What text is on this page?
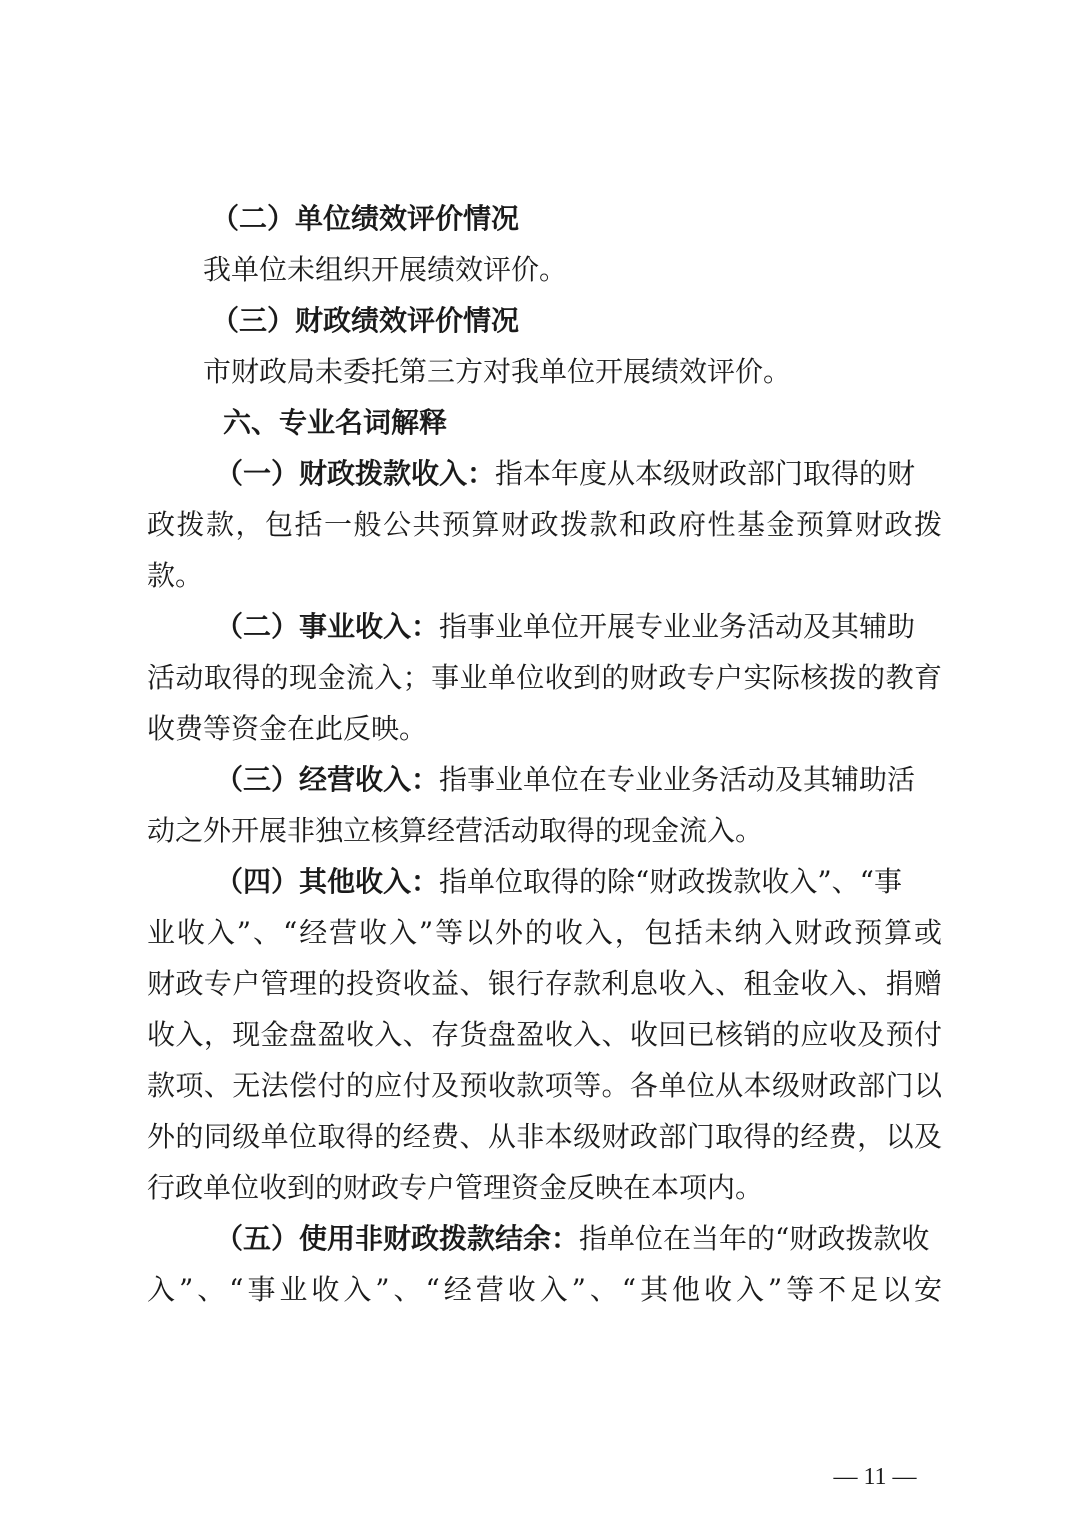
（二）单位绩效评价情况
我单位未组织开展绩效评价。
（三）财政绩效评价情况
市财政局未委托第三方对我单位开展绩效评价。
六、专业名词解释
（一）财政拨款收入：指本年度从本级财政部门取得的财
政拨款，包括一般公共预算财政拨款和政府性基金预算财政拨
款。
（二）事业收入：指事业单位开展专业业务活动及其辅助
活动取得的现金流入；事业单位收到的财政专户实际核拨的教育
收费等资金在此反映。
（三）经营收入：指事业单位在专业业务活动及其辅助活
动之外开展非独立核算经营活动取得的现金流入。
（四）其他收入：指单位取得的除“财政拨款收入”、“事
业收入”、“经营收入”等以外的收入，包括未纳入财政预算或
财政专户管理的投资收益、银行存款利息收入、租金收入、捐赠
收入，现金盘盈收入、存货盘盈收入、收回已核销的应收及预付
款项、无法偿付的应付及预收款项等。各单位从本级财政部门以
外的同级单位取得的经费、从非本级财政部门取得的经费，以及
行政单位收到的财政专户管理资金反映在本项内。
（五）使用非财政拨款结余：指单位在当年的“财政拨款收
入”、“事业收入”、“经营收入”、“其他收入”等不足以安
— 11 —
